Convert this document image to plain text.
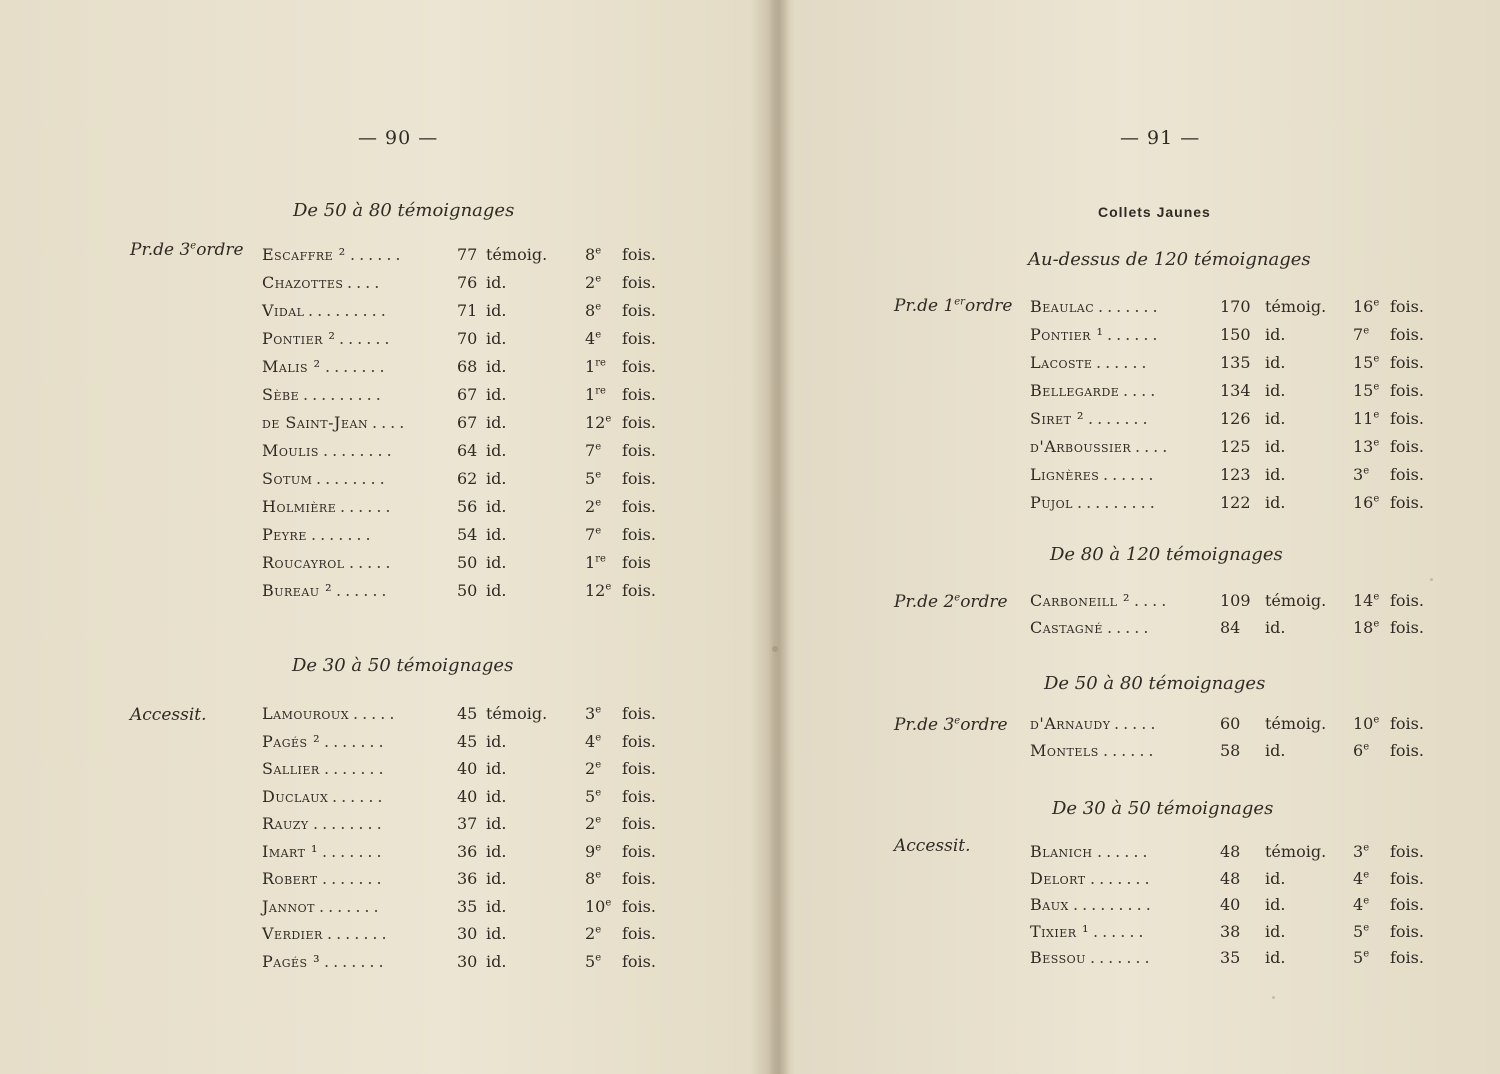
— 90 —
De 50 à 80 témoignages
Pr.de 3eordre Escaffre ² ......	77 témoig. 8e fois.
Chazottes ....	76 id.	2e fois.
Vidal .........	71 id.	8e fois.
Pontier ² ......	70 id.	4e fois.
Malis ² .......	68 id.	1re fois.
Sèbe .........	67 id.	1re fois.
de Saint-Jean ....	67 id.	12e fois.
Moulis ........	64 id.	7e fois.
Sotum ........	62 id.	5e fois.
Holmière ......	56 id.	2e fois.
Peyre .......	54 id.	7e fois.
Roucayrol .....	50 id.	1re fois
Bureau ² ......	50 id.	12e fois.
De 30 à 50 témoignages
Accessit.	Lamouroux .....	45 témoig. 3e fois.
Pagés ² .......	45 id.	4e fois.
Sallier .......	40 id.	2e fois.
Duclaux ......	40 id.	5e fois.
Rauzy ........	37 id.	2e fois.
Imart ¹ .......	36 id.	9e fois.
Robert .......	36 id.	8e fois.
Jannot .......	35 id.	10e fois.
Verdier .......	30 id.	2e fois.
Pagés ³ .......	30 id.	5e fois.
— 91 —
Collets Jaunes
Au-dessus de 120 témoignages
Pr.de 1erordre Beaulac .......	170 témoig. 16e fois.
Pontier ¹ ......	150 id.	7e fois.
Lacoste ......	135 id.	15e fois.
Bellegarde ....	134 id.	15e fois.
Siret ² .......	126 id.	11e fois.
d'Arboussier ....	125 id.	13e fois.
Lignères ......	123 id.	3e fois.
Pujol .........	122 id.	16e fois.
De 80 à 120 témoignages
Pr.de 2eordre Carboneill ² ....	109 témoig. 14e fois.
Castagné .....	84 id.	18e fois.
De 50 à 80 témoignages
Pr.de 3eordre d'Arnaudy .....	60 témoig. 10e fois.
Montels ......	58 id.	6e fois.
De 30 à 50 témoignages
Accessit.	Blanich ......	48 témoig. 3e fois.
Delort .......	48 id.	4e fois.
Baux .........	40 id.	4e fois.
Tixier ¹ ......	38 id.	5e fois.
Bessou .......	35 id.	5e fois.
